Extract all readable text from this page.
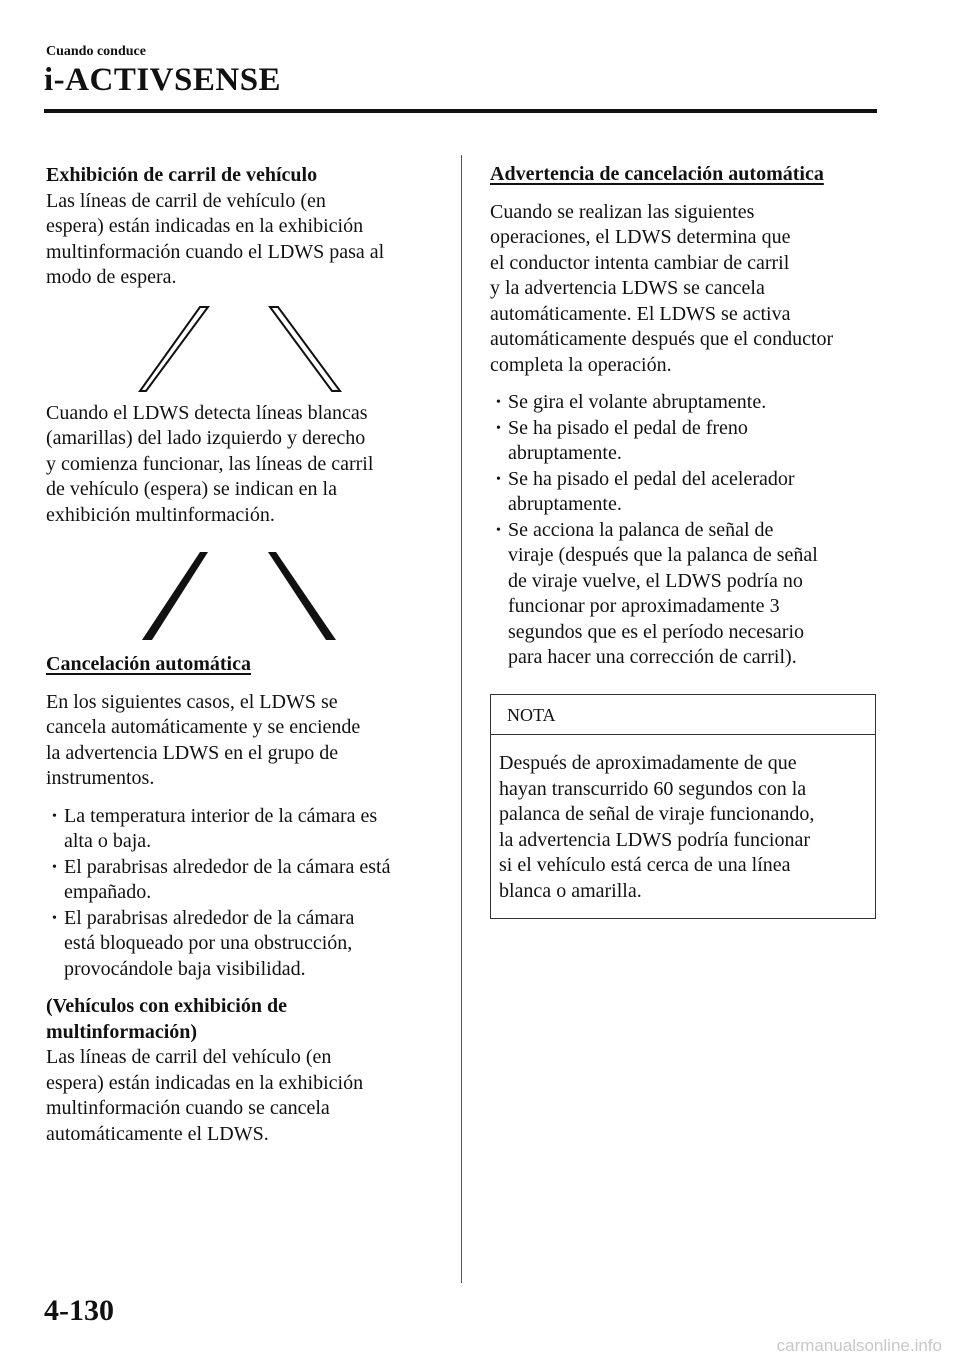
Cuando conduce
i-ACTIVSENSE

Exhibición de carril de vehículo

Las líneas de carril de vehículo (en

espera) están indicadas en la exhibición

multinformación cuando el LDWS pasa al

modo de espera.

Cuando el LDWS detecta líneas blancas

(amarillas) del lado izquierdo y derecho

y comienza funcionar, las líneas de carril

de vehículo (espera) se indican en la

exhibición multinformación.

Cancelación automática

En los siguientes casos, el LDWS se

cancela automáticamente y se enciende

la advertencia LDWS en el grupo de

instrumentos.

• La temperatura interior de la cámara es
alta o baja.
• El parabrisas alrededor de la cámara está
empañado.
• El parabrisas alrededor de la cámara
está bloqueado por una obstrucción,
provocándole baja visibilidad.

(Vehículos con exhibición de

multinformación)

Las líneas de carril del vehículo (en

espera) están indicadas en la exhibición

multinformación cuando se cancela

automáticamente el LDWS.

Advertencia de cancelación automática

Cuando se realizan las siguientes

operaciones, el LDWS determina que

el conductor intenta cambiar de carril

y la advertencia LDWS se cancela

automáticamente. El LDWS se activa

automáticamente después que el conductor

completa la operación.

• Se gira el volante abruptamente.
• Se ha pisado el pedal de freno
abruptamente.
• Se ha pisado el pedal del acelerador
abruptamente.
• Se acciona la palanca de señal de
viraje (después que la palanca de señal
de viraje vuelve, el LDWS podría no
funcionar por aproximadamente 3
segundos que es el período necesario
para hacer una corrección de carril).
NOTA

Después de aproximadamente de que

hayan transcurrido 60 segundos con la

palanca de señal de viraje funcionando,

la advertencia LDWS podría funcionar

si el vehículo está cerca de una línea

blanca o amarilla.

4-130
carmanualsonline.info
